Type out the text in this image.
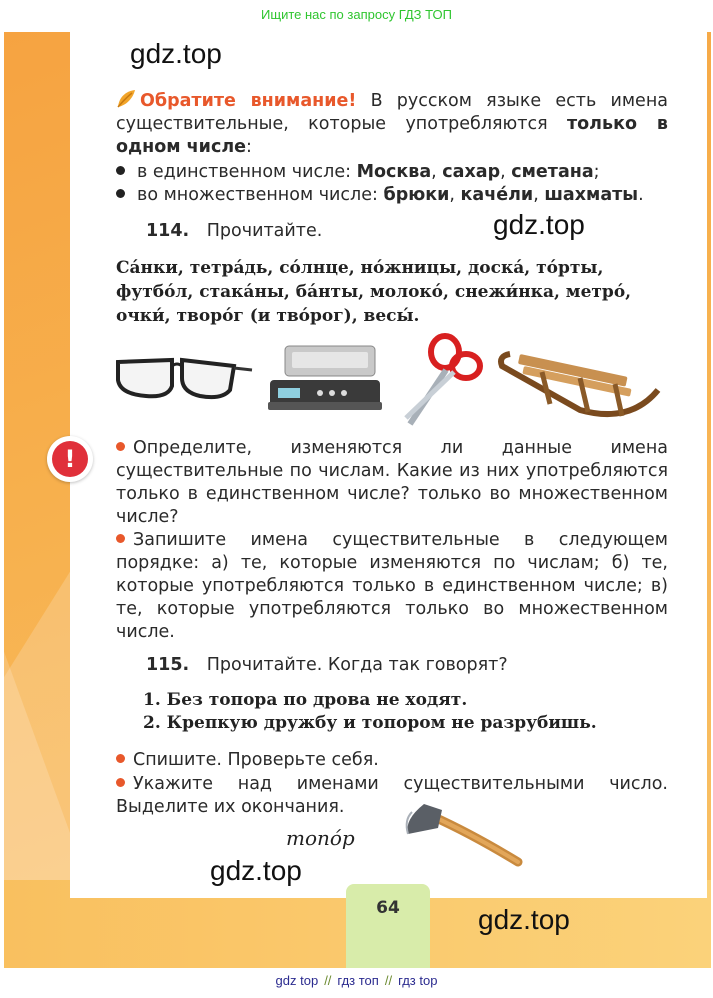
Ищите нас по запросу ГДЗ ТОП
gdz.top
Обратите внимание! В русском языке есть имена существительные, которые употребляются только в одном числе:
в единственном числе: Москва, сахар, сметана;
во множественном числе: брюки, качéли, шахматы.
114. Прочитайте.	gdz.top
Сáнки, тетрáдь, сóлнце, нóжницы, доскá, тóрты,
футбóл, стакáны, бáнты, молокó, снежи́нка, метрó,
очки́, творóг (и твóрог), весы́.
!	Определите, изменяются ли данные имена существительные по числам. Какие из них употребляются только в единственном числе? только во множественном числе?
Запишите имена существительные в следующем порядке: а) те, которые изменяются по числам; б) те, которые употребляются только в единственном числе; в) те, которые употребляются только во множественном числе.
115. Прочитайте. Когда так говорят?
1. Без топора по дрова не ходят.
2. Крепкую дружбу и топором не разрубишь.
Спишите. Проверьте себя.
Укажите над именами существительными число. Выделите их окончания.
топóр
gdz.top
64	gdz.top
gdz top // гдз топ // гдз top
